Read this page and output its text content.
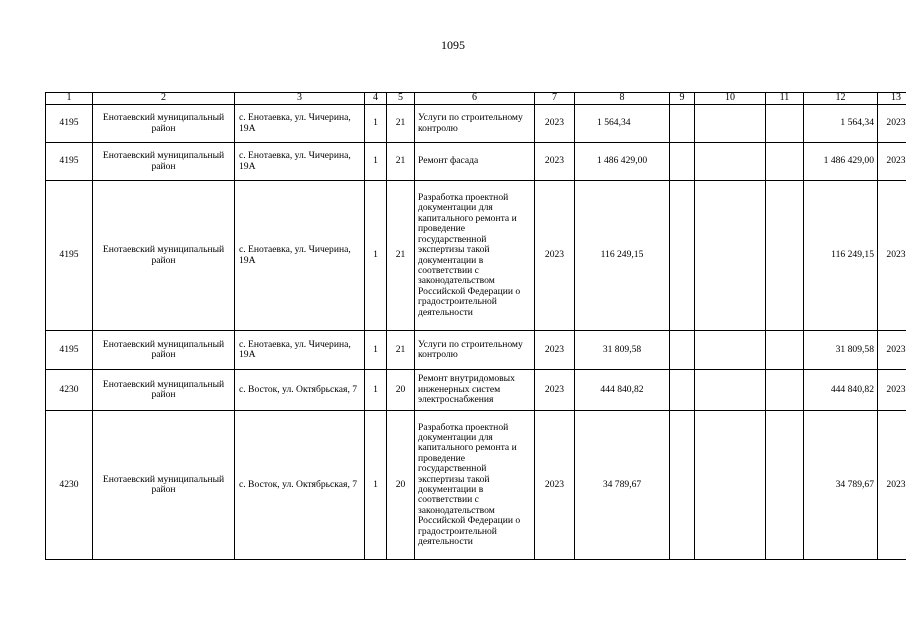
1095
1	2	3	4	5	6	7	8	9	10	11	12	13
4195	Енотаевский муниципальный район	с. Енотаевка, ул. Чичерина, 19А	1	21	Услуги по строительному контролю	2023	1 564,34				1 564,34	2023
4195	Енотаевский муниципальный район	с. Енотаевка, ул. Чичерина, 19А	1	21	Ремонт фасада	2023	1 486 429,00				1 486 429,00	2023
4195	Енотаевский муниципальный район	с. Енотаевка, ул. Чичерина, 19А	1	21	Разработка проектной документации для капитального ремонта и проведение государственной экспертизы такой документации в соответствии с законодательством Российской Федерации о градостроительной деятельности	2023	116 249,15				116 249,15	2023
4195	Енотаевский муниципальный район	с. Енотаевка, ул. Чичерина, 19А	1	21	Услуги по строительному контролю	2023	31 809,58				31 809,58	2023
4230	Енотаевский муниципальный район	с. Восток, ул. Октябрьская, 7	1	20	Ремонт внутридомовых инженерных систем электроснабжения	2023	444 840,82				444 840,82	2023
4230	Енотаевский муниципальный район	с. Восток, ул. Октябрьская, 7	1	20	Разработка проектной документации для капитального ремонта и проведение государственной экспертизы такой документации в соответствии с законодательством Российской Федерации о градостроительной деятельности	2023	34 789,67				34 789,67	2023
